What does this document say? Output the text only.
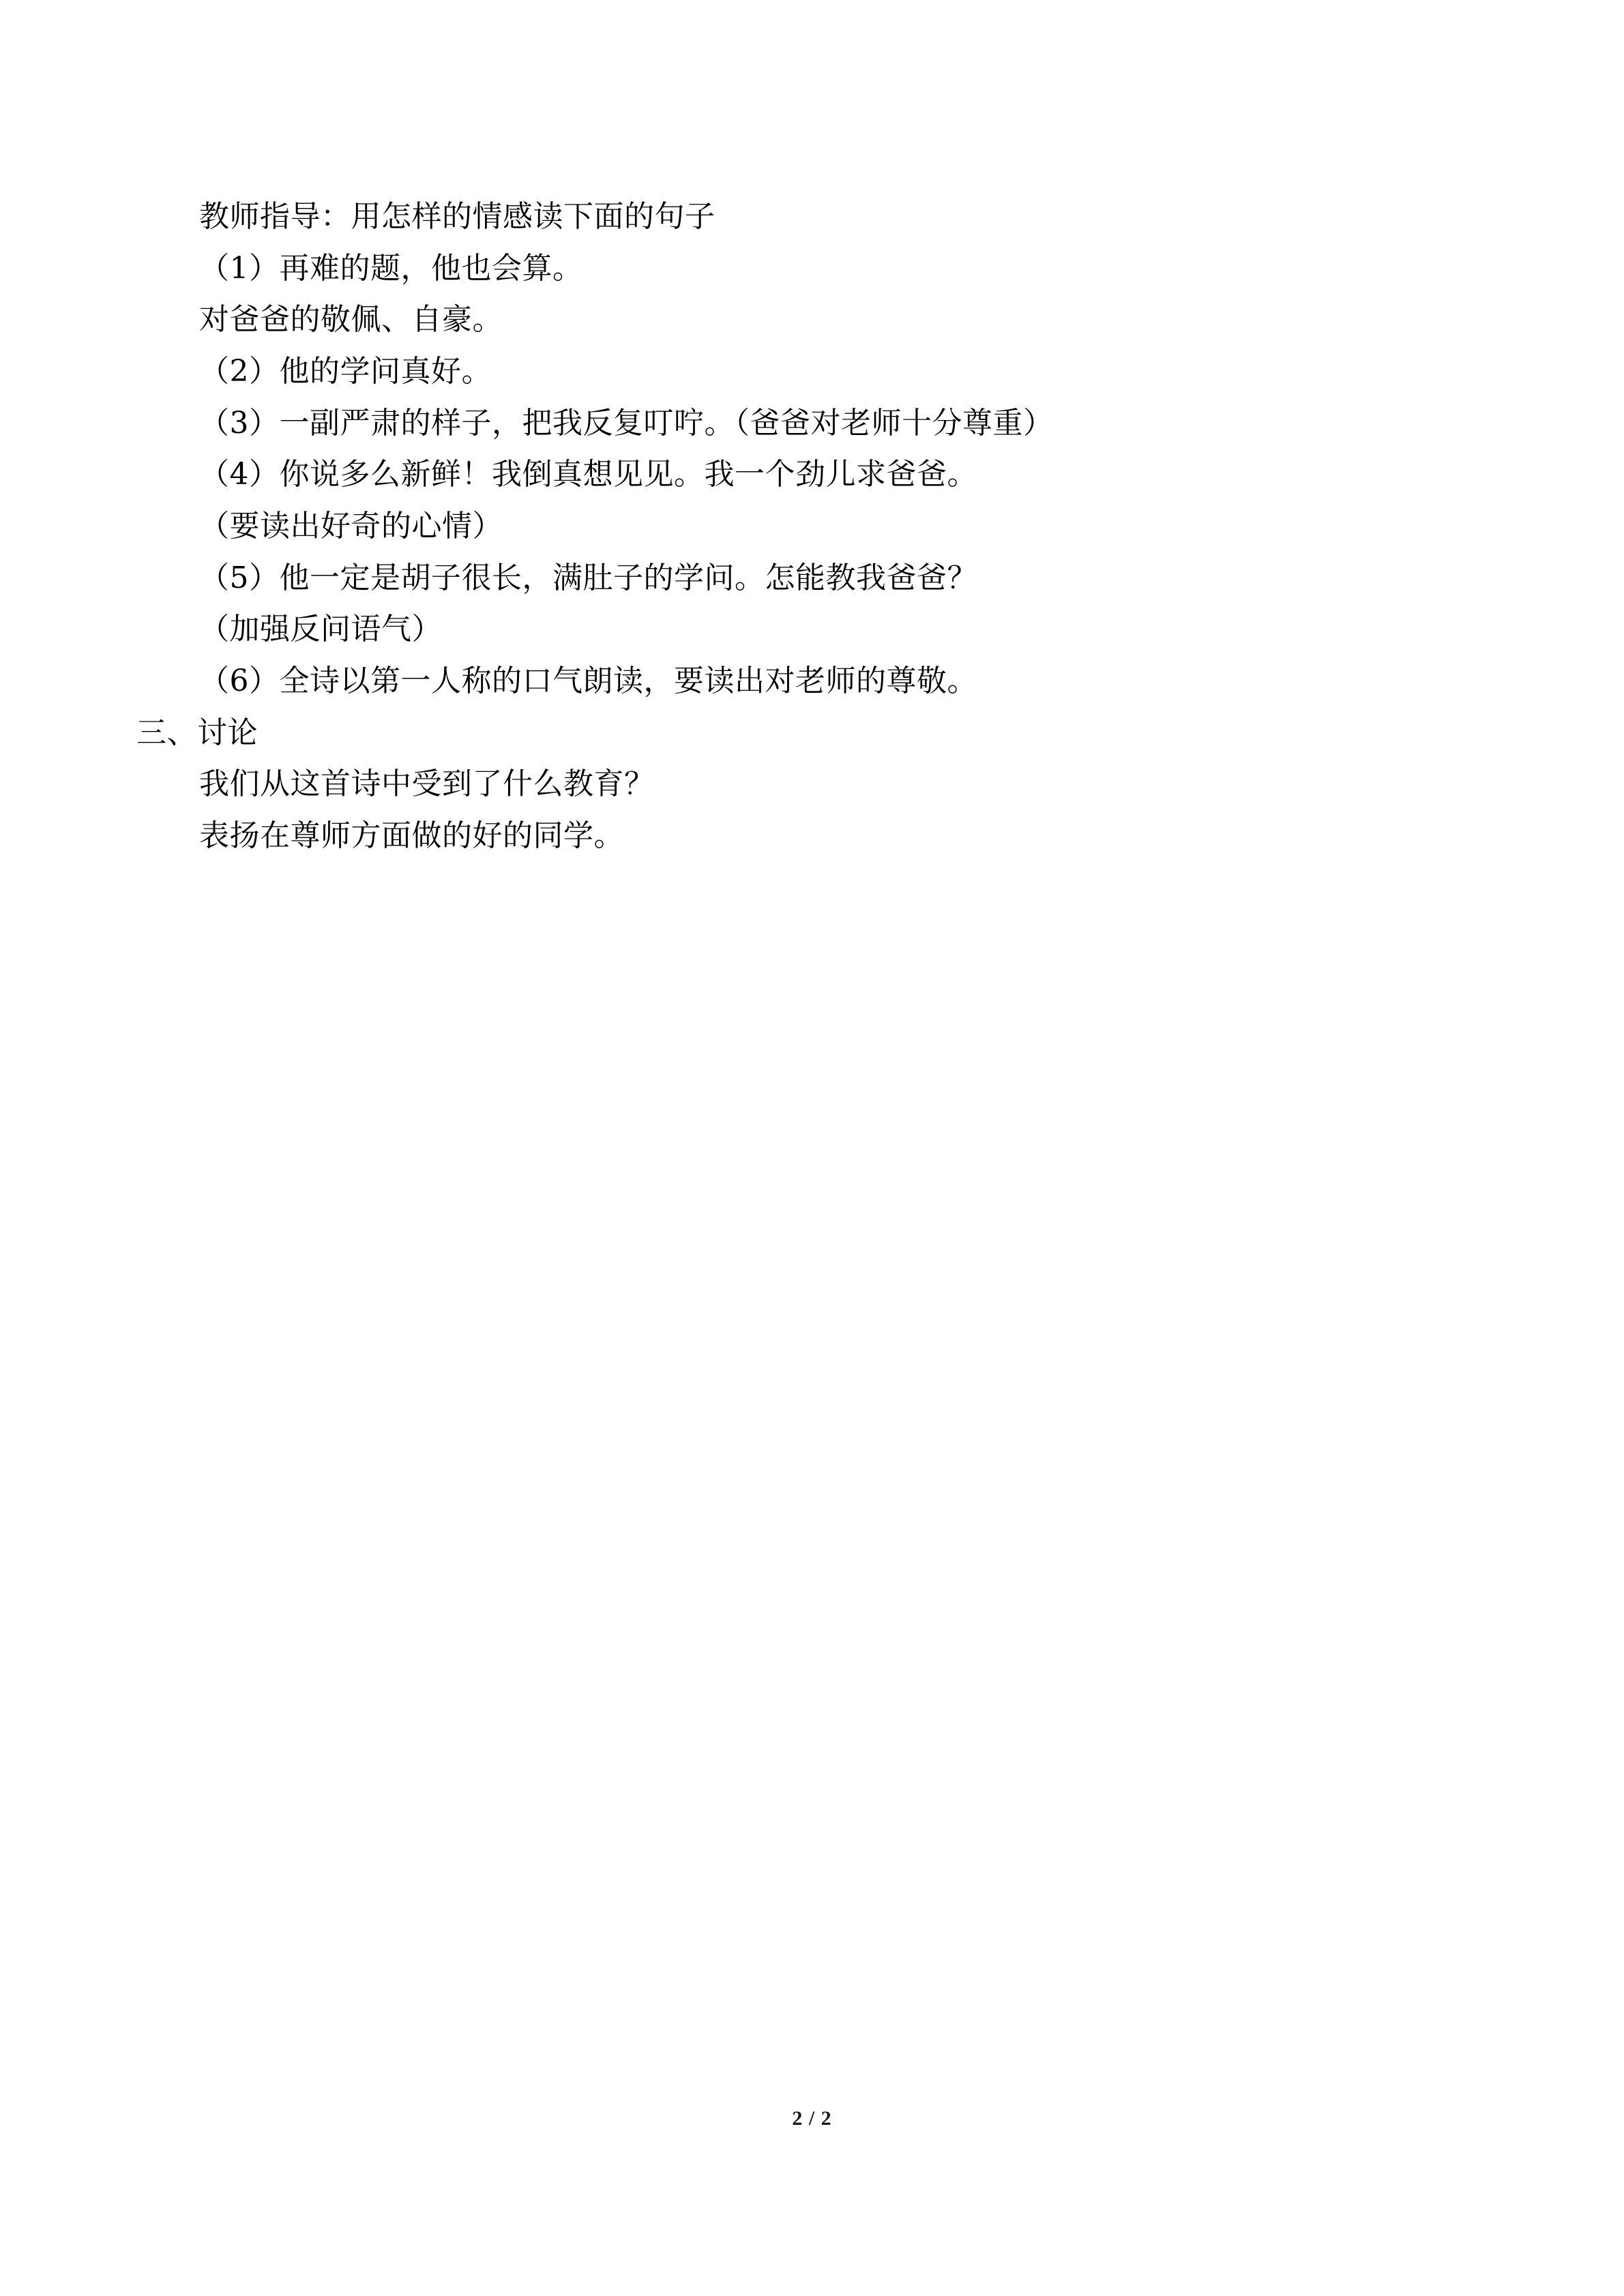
教师指导：用怎样的情感读下面的句子
（1）再难的题，他也会算。
对爸爸的敬佩、自豪。
（2）他的学问真好。
（3）一副严肃的样子，把我反复叮咛。（爸爸对老师十分尊重）
（4）你说多么新鲜！我倒真想见见。我一个劲儿求爸爸。
（要读出好奇的心情）
（5）他一定是胡子很长，满肚子的学问。怎能教我爸爸？
（加强反问语气）
（6）全诗以第一人称的口气朗读，要读出对老师的尊敬。
三、讨论
我们从这首诗中受到了什么教育？
表扬在尊师方面做的好的同学。
2 / 2
